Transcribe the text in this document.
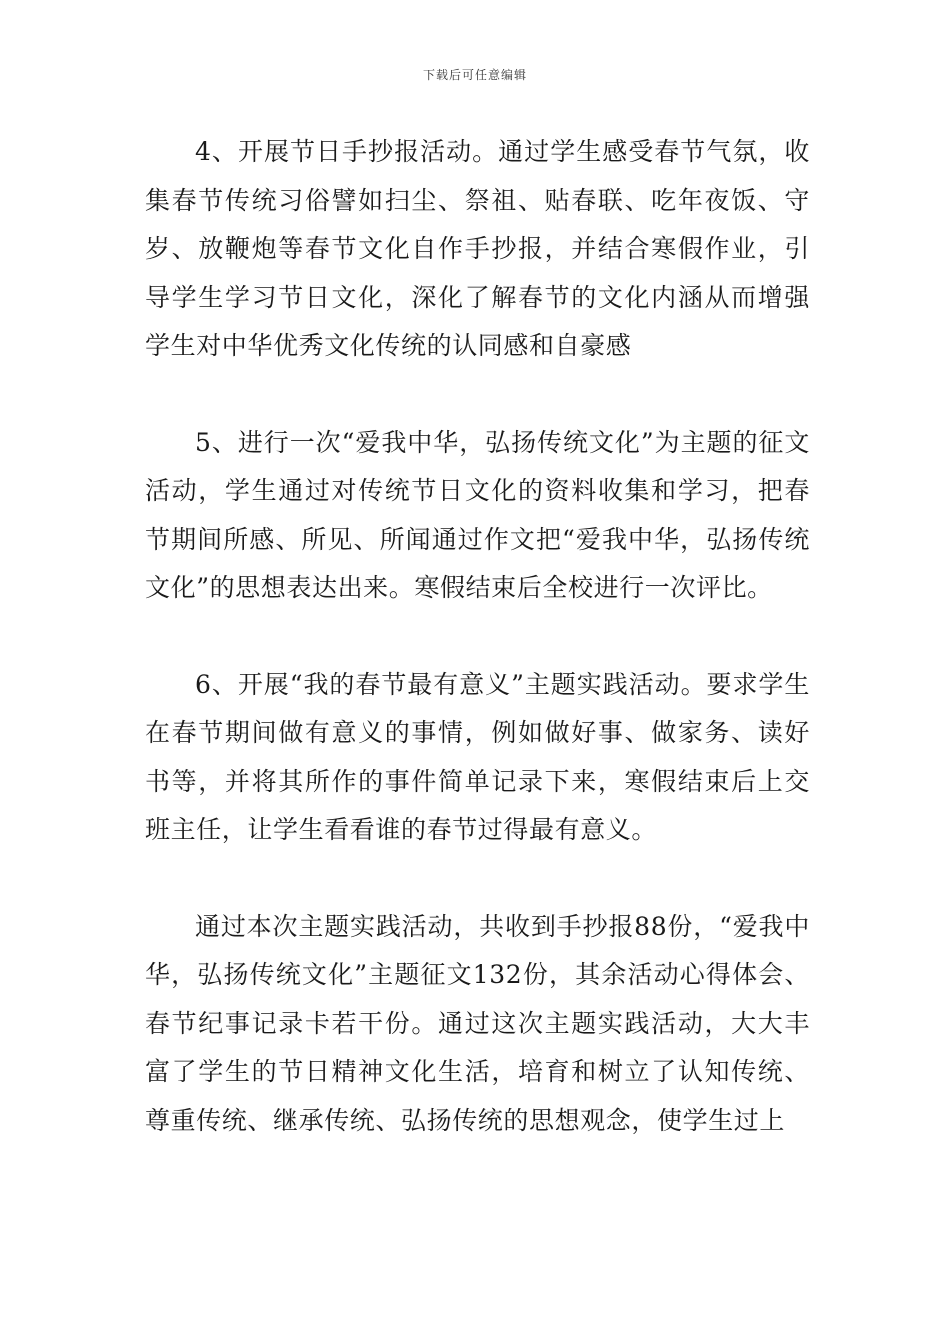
下载后可任意编辑

4、开展节日手抄报活动。通过学生感受春节气氛，收集春节传统习俗譬如扫尘、祭祖、贴春联、吃年夜饭、守岁、放鞭炮等春节文化自作手抄报，并结合寒假作业，引导学生学习节日文化，深化了解春节的文化内涵从而增强学生对中华优秀文化传统的认同感和自豪感

5、进行一次“爱我中华，弘扬传统文化”为主题的征文活动，学生通过对传统节日文化的资料收集和学习，把春节期间所感、所见、所闻通过作文把“爱我中华，弘扬传统文化”的思想表达出来。寒假结束后全校进行一次评比。

6、开展“我的春节最有意义”主题实践活动。要求学生在春节期间做有意义的事情，例如做好事、做家务、读好书等，并将其所作的事件简单记录下来，寒假结束后上交班主任，让学生看看谁的春节过得最有意义。

通过本次主题实践活动，共收到手抄报88份，“爱我中华，弘扬传统文化”主题征文132份，其余活动心得体会、春节纪事记录卡若干份。通过这次主题实践活动，大大丰富了学生的节日精神文化生活，培育和树立了认知传统、尊重传统、继承传统、弘扬传统的思想观念，使学生过上
